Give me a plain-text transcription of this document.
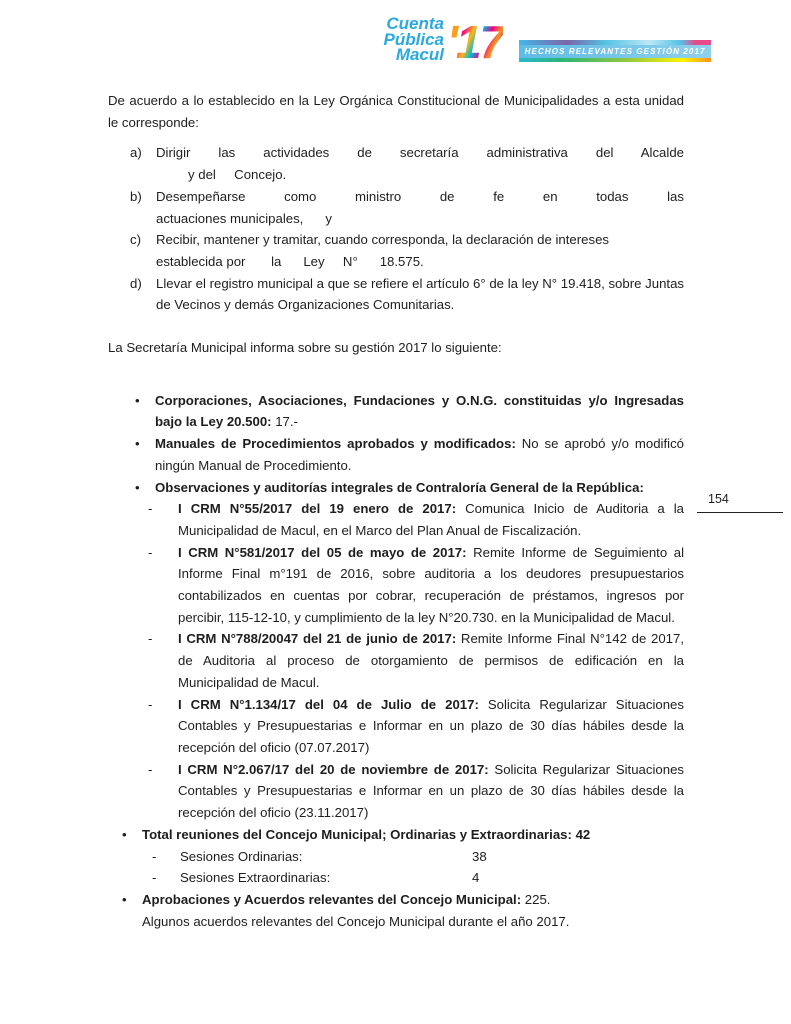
Cuenta
Pública
Macul ' 17	HECHOS RELEVANTES GESTIÓN 2017
154
De acuerdo a lo establecido en la Ley Orgánica Constitucional de Municipalidades a esta unidad le corresponde:
a)	Dirigir las actividades de secretaría administrativa del Alcalde
y del     Concejo.
b)	Desempeñarse como ministro de fe en todas las
actuaciones municipales,      y
c)	Recibir, mantener y tramitar, cuando corresponda, la declaración de intereses
establecida por       la      Ley     N°      18.575.
d)	Llevar el registro municipal a que se refiere el artículo 6° de la ley N° 19.418, sobre Juntas de Vecinos y demás Organizaciones Comunitarias.
La Secretaría Municipal informa sobre su gestión 2017 lo siguiente:
•	Corporaciones, Asociaciones, Fundaciones y O.N.G. constituidas y/o Ingresadas bajo la Ley 20.500: 17.-
•	Manuales de Procedimientos aprobados y modificados: No se aprobó y/o modificó ningún Manual de Procedimiento.
•	Observaciones y auditorías integrales de Contraloría General de la República:
-	I CRM N°55/2017 del 19 enero de 2017: Comunica Inicio de Auditoria a la Municipalidad de Macul, en el Marco del Plan Anual de Fiscalización.
-	I CRM N°581/2017 del 05 de mayo de 2017: Remite Informe de Seguimiento al Informe Final m°191 de 2016, sobre auditoria a los deudores presupuestarios contabilizados en cuentas por cobrar, recuperación de préstamos, ingresos por percibir, 115-12-10, y cumplimiento de la ley N°20.730. en la Municipalidad de Macul.
-	I CRM N°788/20047 del 21 de junio de 2017: Remite Informe Final N°142 de 2017, de Auditoria al proceso de otorgamiento de permisos de edificación en la Municipalidad de Macul.
-	I CRM N°1.134/17 del 04 de Julio de 2017: Solicita Regularizar Situaciones Contables y Presupuestarias e Informar en un plazo de 30 días hábiles desde la recepción del oficio (07.07.2017)
-	I CRM N°2.067/17 del 20 de noviembre de 2017: Solicita Regularizar Situaciones Contables y Presupuestarias e Informar en un plazo de 30 días hábiles desde la recepción del oficio (23.11.2017)
•	Total reuniones del Concejo Municipal; Ordinarias y Extraordinarias: 42
-	Sesiones Ordinarias:	38
-	Sesiones Extraordinarias:	4
•	Aprobaciones y Acuerdos relevantes del Concejo Municipal: 225.
Algunos acuerdos relevantes del Concejo Municipal durante el año 2017.
